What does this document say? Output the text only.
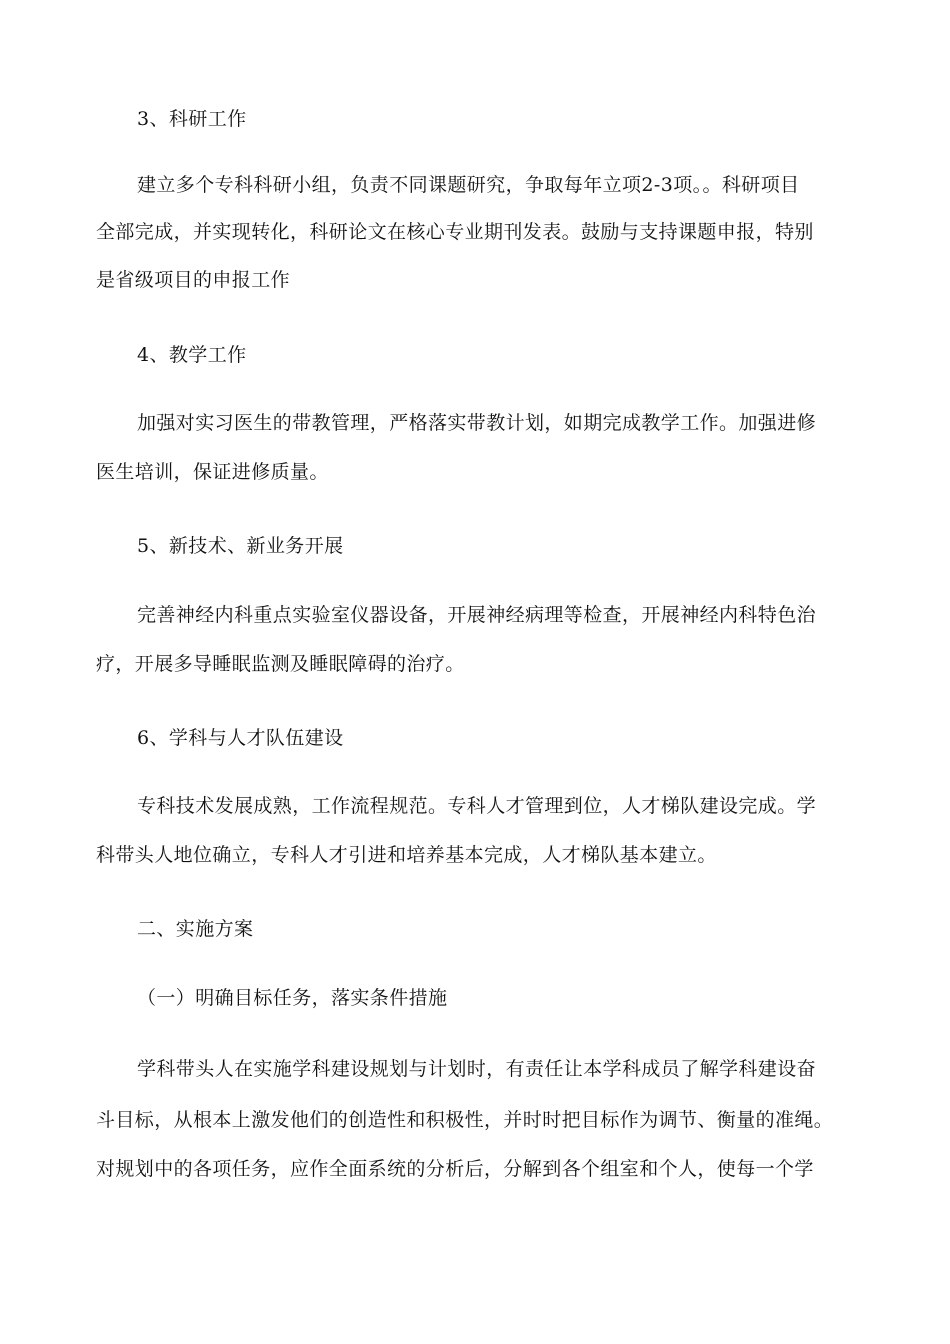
3、科研工作
建立多个专科科研小组，负责不同课题研究，争取每年立项2-3项。。科研项目
全部完成，并实现转化，科研论文在核心专业期刊发表。鼓励与支持课题申报，特别
是省级项目的申报工作
4、教学工作
加强对实习医生的带教管理，严格落实带教计划，如期完成教学工作。加强进修
医生培训，保证进修质量。
5、新技术、新业务开展
完善神经内科重点实验室仪器设备，开展神经病理等检查，开展神经内科特色治
疗，开展多导睡眠监测及睡眠障碍的治疗。
6、学科与人才队伍建设
专科技术发展成熟，工作流程规范。专科人才管理到位，人才梯队建设完成。学
科带头人地位确立，专科人才引进和培养基本完成，人才梯队基本建立。
二、实施方案
（一）明确目标任务，落实条件措施
学科带头人在实施学科建设规划与计划时，有责任让本学科成员了解学科建设奋
斗目标，从根本上激发他们的创造性和积极性，并时时把目标作为调节、衡量的准绳。
对规划中的各项任务，应作全面系统的分析后，分解到各个组室和个人，使每一个学
